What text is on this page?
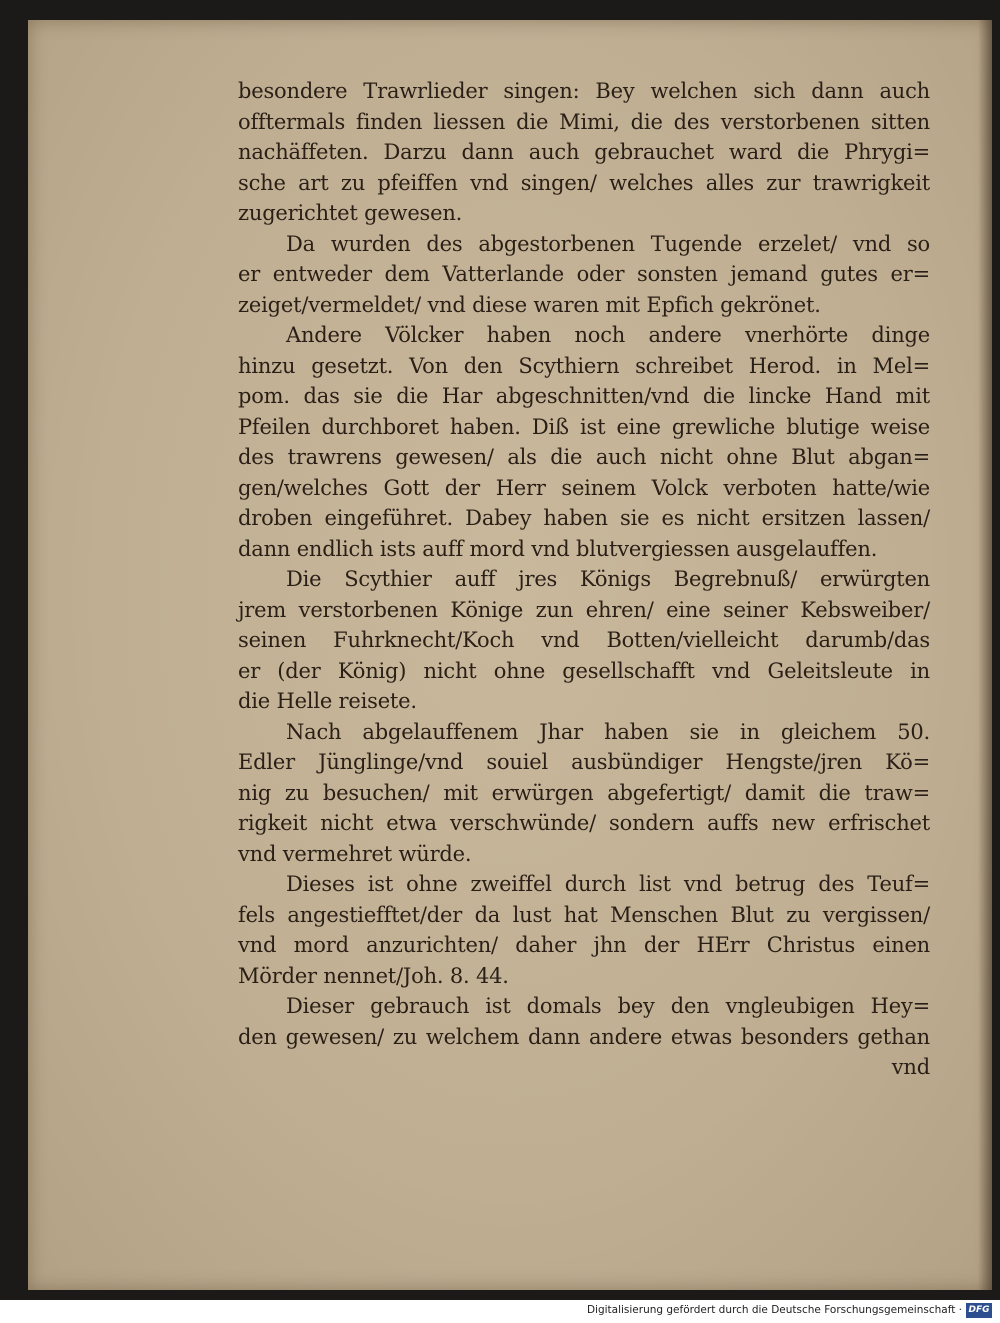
besondere Trawrlieder singen: Bey welchen sich dann auch
offtermals finden liessen die Mimi, die des verstorbenen sitten
nachäffeten. Darzu dann auch gebrauchet ward die Phrygi=
sche art zu pfeiffen vnd singen/ welches alles zur trawrigkeit
zugerichtet gewesen.
Da wurden des abgestorbenen Tugende erzelet/ vnd so
er entweder dem Vatterlande oder sonsten jemand gutes er=
zeiget/vermeldet/ vnd diese waren mit Epfich gekrönet.
Andere Völcker haben noch andere vnerhörte dinge
hinzu gesetzt. Von den Scythiern schreibet Herod. in Mel=
pom. das sie die Har abgeschnitten/vnd die lincke Hand mit
Pfeilen durchboret haben. Diß ist eine grewliche blutige weise
des trawrens gewesen/ als die auch nicht ohne Blut abgan=
gen/welches Gott der Herr seinem Volck verboten hatte/wie
droben eingeführet. Dabey haben sie es nicht ersitzen lassen/
dann endlich ists auff mord vnd blutvergiessen ausgelauffen.
Die Scythier auff jres Königs Begrebnuß/ erwürgten
jrem verstorbenen Könige zun ehren/ eine seiner Kebsweiber/
seinen Fuhrknecht/Koch vnd Botten/vielleicht darumb/das
er (der König) nicht ohne gesellschafft vnd Geleitsleute in
die Helle reisete.
Nach abgelauffenem Jhar haben sie in gleichem 50.
Edler Jünglinge/vnd souiel ausbündiger Hengste/jren Kö=
nig zu besuchen/ mit erwürgen abgefertigt/ damit die traw=
rigkeit nicht etwa verschwünde/ sondern auffs new erfrischet
vnd vermehret würde.
Dieses ist ohne zweiffel durch list vnd betrug des Teuf=
fels angestiefftet/der da lust hat Menschen Blut zu vergissen/
vnd mord anzurichten/ daher jhn der HErr Christus einen
Mörder nennet/Joh. 8. 44.
Dieser gebrauch ist domals bey den vngleubigen Hey=
den gewesen/ zu welchem dann andere etwas besonders gethan
vnd
Digitalisierung gefördert durch die Deutsche Forschungsgemeinschaft · DFG
